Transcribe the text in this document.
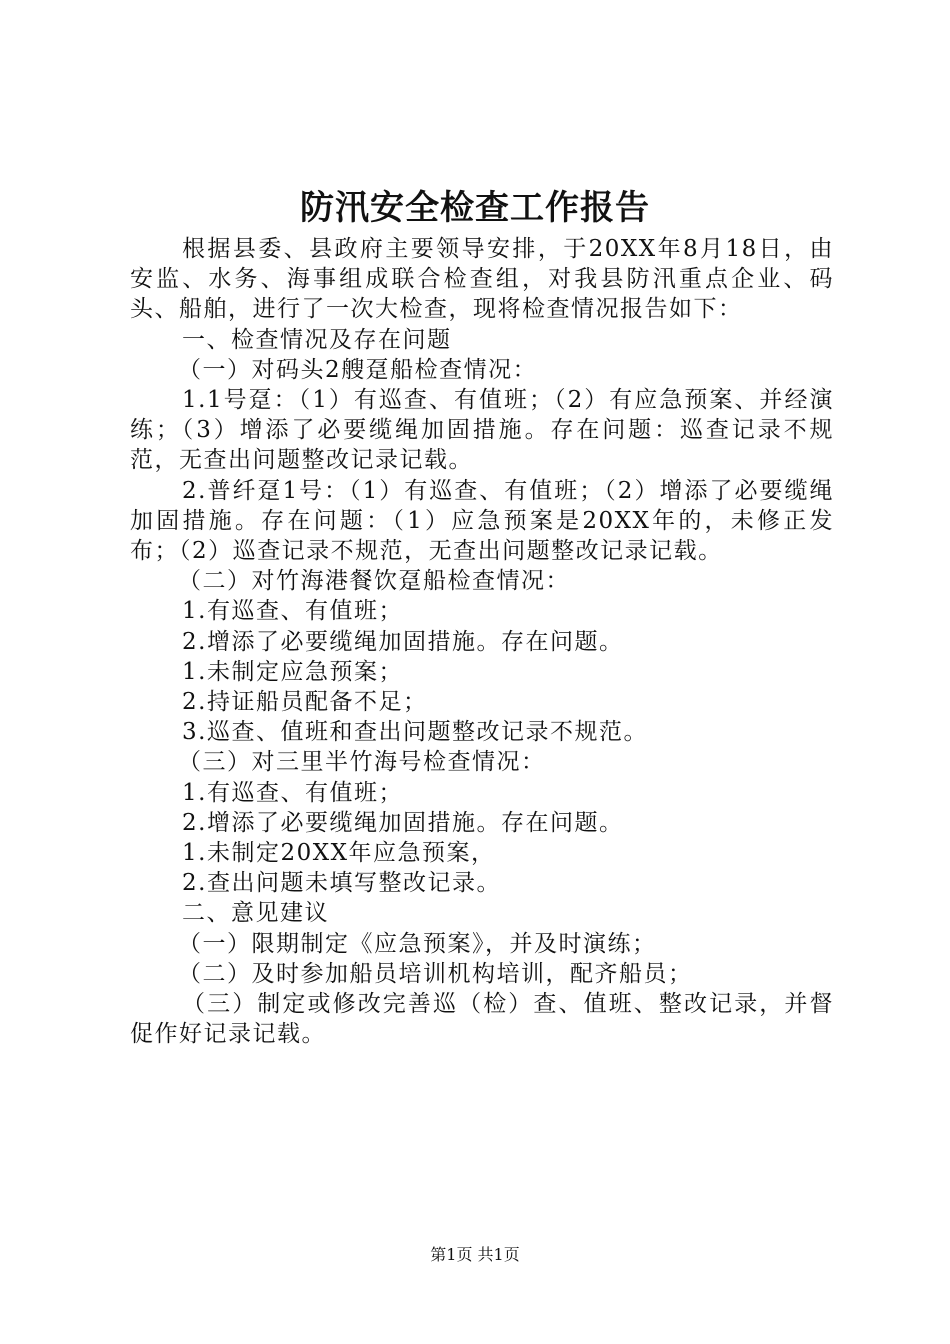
防汛安全检查工作报告

根据县委、县政府主要领导安排，于20XX年8月18日，由安监、水务、海事组成联合检查组，对我县防汛重点企业、码头、船舶，进行了一次大检查，现将检查情况报告如下：

一、检查情况及存在问题

（一）对码头2艘趸船检查情况：

1.1号趸：（1）有巡查、有值班；（2）有应急预案、并经演练；（3）增添了必要缆绳加固措施。存在问题：巡查记录不规范，无查出问题整改记录记载。

2.普纤趸1号：（1）有巡查、有值班；（2）增添了必要缆绳加固措施。存在问题：（1）应急预案是20XX年的，未修正发布；（2）巡查记录不规范，无查出问题整改记录记载。

（二）对竹海港餐饮趸船检查情况：

1.有巡查、有值班；

2.增添了必要缆绳加固措施。存在问题。

1.未制定应急预案；

2.持证船员配备不足；

3.巡查、值班和查出问题整改记录不规范。

（三）对三里半竹海号检查情况：

1.有巡查、有值班；

2.增添了必要缆绳加固措施。存在问题。

1.未制定20XX年应急预案，

2.查出问题未填写整改记录。

二、意见建议

（一）限期制定《应急预案》，并及时演练；

（二）及时参加船员培训机构培训，配齐船员；

（三）制定或修改完善巡（检）查、值班、整改记录，并督促作好记录记载。

第1页 共1页
